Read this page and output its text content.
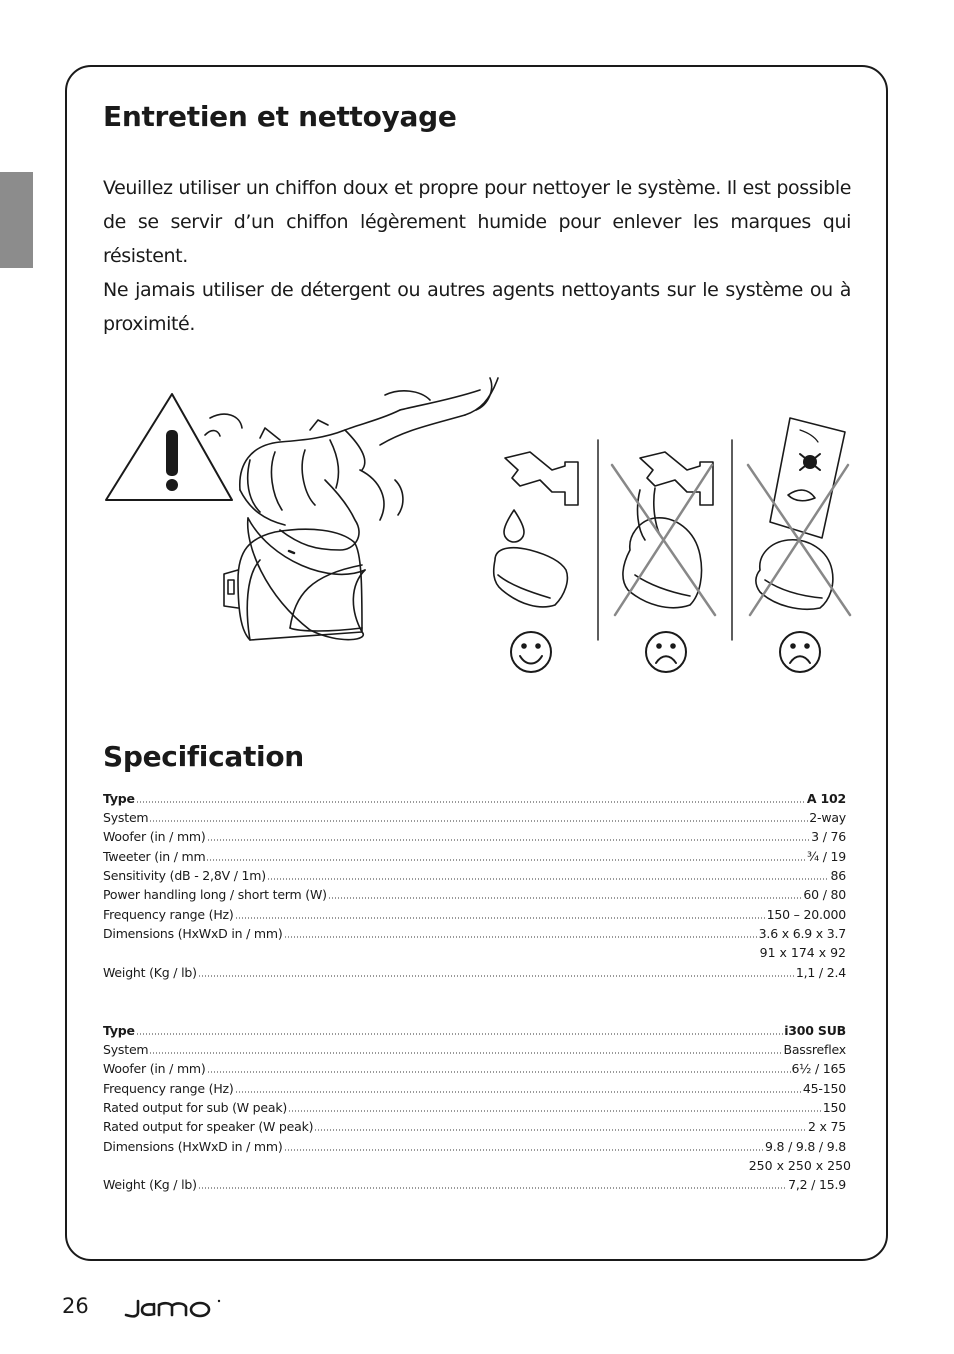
Entretien et nettoyage

Veuillez utiliser un chiffon doux et propre pour nettoyer le système. Il est possible de se servir d’un chiffon légèrement humide pour enlever les marques qui résistent.

Ne jamais utiliser de détergent ou autres agents nettoyants sur le système ou à proximité.

Specification
Type	A 102
System	2-way
Woofer (in / mm)	3 / 76
Tweeter (in / mm	¾ / 19
Sensitivity (dB - 2,8V / 1m)	86
Power handling long / short term (W)	60 / 80
Frequency range (Hz)	150 – 20.000
Dimensions (HxWxD in / mm)	3.6 x 6.9 x 3.7
91 x 174 x 92
Weight (Kg / lb)	1,1 / 2.4
Type	i300 SUB
System	Bassreflex
Woofer (in / mm)	6½ / 165
Frequency range (Hz)	45-150
Rated output for sub (W peak)	150
Rated output for speaker (W peak)	2 x 75
Dimensions (HxWxD in / mm)	9.8 / 9.8 / 9.8
250 x 250 x 250
Weight (Kg / lb)	7,2 / 15.9
26
